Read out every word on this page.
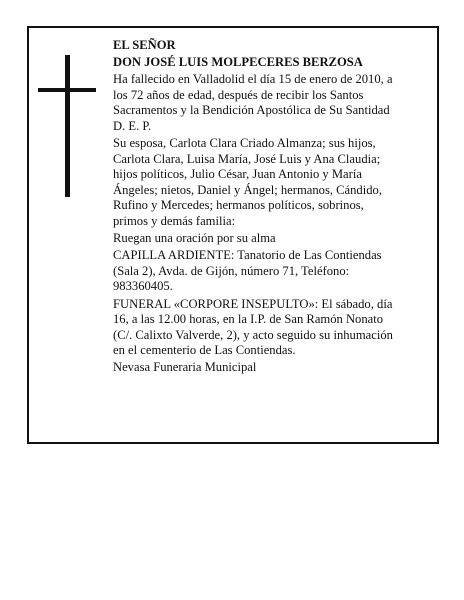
EL SEÑOR

DON JOSÉ LUIS MOLPECERES BERZOSA

Ha fallecido en Valladolid el día 15 de enero de 2010, a los 72 años de edad, después de recibir los Santos Sacramentos y la Bendición Apostólica de Su Santidad D. E. P.

Su esposa, Carlota Clara Criado Almanza; sus hijos, Carlota Clara, Luisa María, José Luis y Ana Claudia; hijos políticos, Julio César, Juan Antonio y María Ángeles; nietos, Daniel y Ángel; hermanos, Cándido, Rufino y Mercedes; hermanos políticos, sobrinos, primos y demás familia:

Ruegan una oración por su alma

CAPILLA ARDIENTE: Tanatorio de Las Contiendas (Sala 2), Avda. de Gijón, número 71, Teléfono: 983360405.

FUNERAL «CORPORE INSEPULTO»: El sábado, día 16, a las 12.00 horas, en la I.P. de San Ramón Nonato (C/. Calixto Valverde, 2), y acto seguido su inhumación en el cementerio de Las Contiendas.

Nevasa Funeraria Municipal
